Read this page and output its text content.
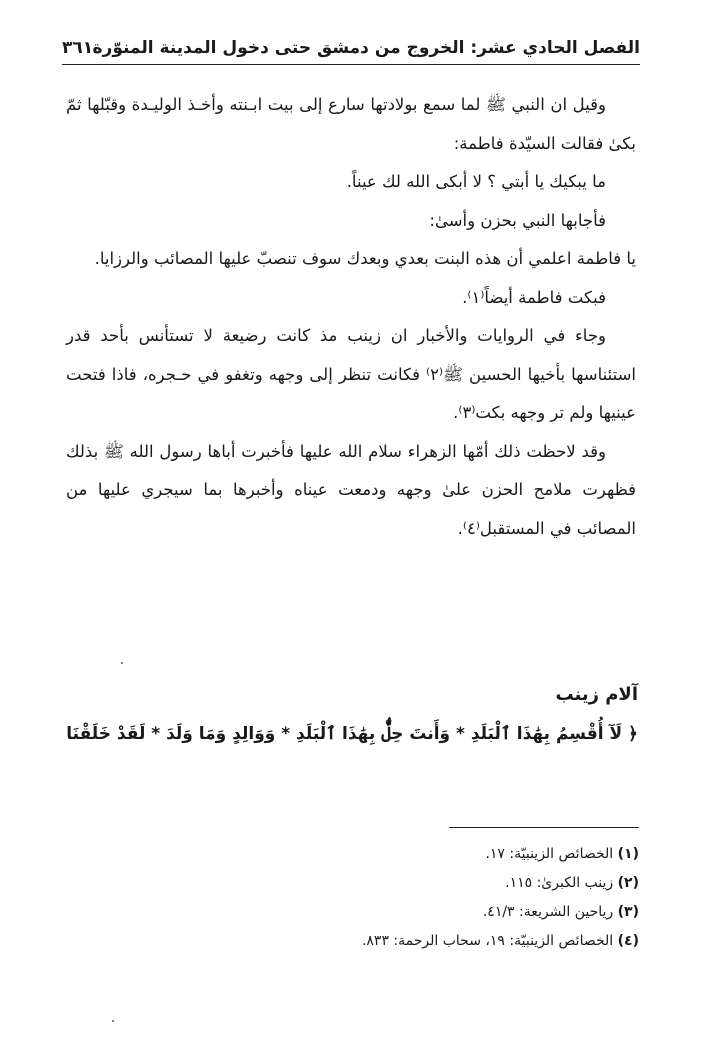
الفصل الحادي عشر: الخروج من دمشق حتى دخول المدينة المنوّرة
٣٦١

وقيل ان النبي ﷺ لما سمع بولادتها سارع إلى بيت ابـنته وأخـذ الوليـدة وقبّلها ثمّ بكىٰ فقالت السيّدة فاطمة:

ما يبكيك يا أبتي ؟ لا أبكى الله لك عيناً.

فأجابها النبي بحزن وأسىٰ:

يا فاطمة اعلمي أن هذه البنت بعدي وبعدك سوف تنصبّ عليها المصائب والرزايا.

فبكت فاطمة أيضاً⁽١⁾.

وجاء في الروايات والأخبار ان زينب مذ كانت رضيعة لا تستأنس بأحد قدر استئناسها بأخيها الحسين ﷺ⁽٢⁾ فكانت تنظر إلى وجهه وتغفو في حـجره، فاذا فتحت عينيها ولم تر وجهه بكت⁽٣⁾.

وقد لاحظت ذلك أمّها الزهراء سلام الله عليها فأخبرت أباها رسول الله ﷺ بذلك فظهرت ملامح الحزن علىٰ وجهه ودمعت عيناه وأخبرها بما سيجري عليها من المصائب في المستقبل⁽٤⁾.

آلام زينب
﴿ لَآ أُقْسِمُ بِهَٰذَا ٱلْبَلَدِ * وَأَنتَ حِلٌّۢ بِهَٰذَا ٱلْبَلَدِ * وَوَالِدٍ وَمَا وَلَدَ * لَقَدْ خَلَقْنَا

(١) الخصائص الزينبيّة: ١٧.

(٢) زينب الكبرىٰ: ١١٥.

(٣) رياحين الشريعة: ٤١/٣.

(٤) الخصائص الزينبيّة: ١٩، سحاب الرحمة: ٨٣٣.
